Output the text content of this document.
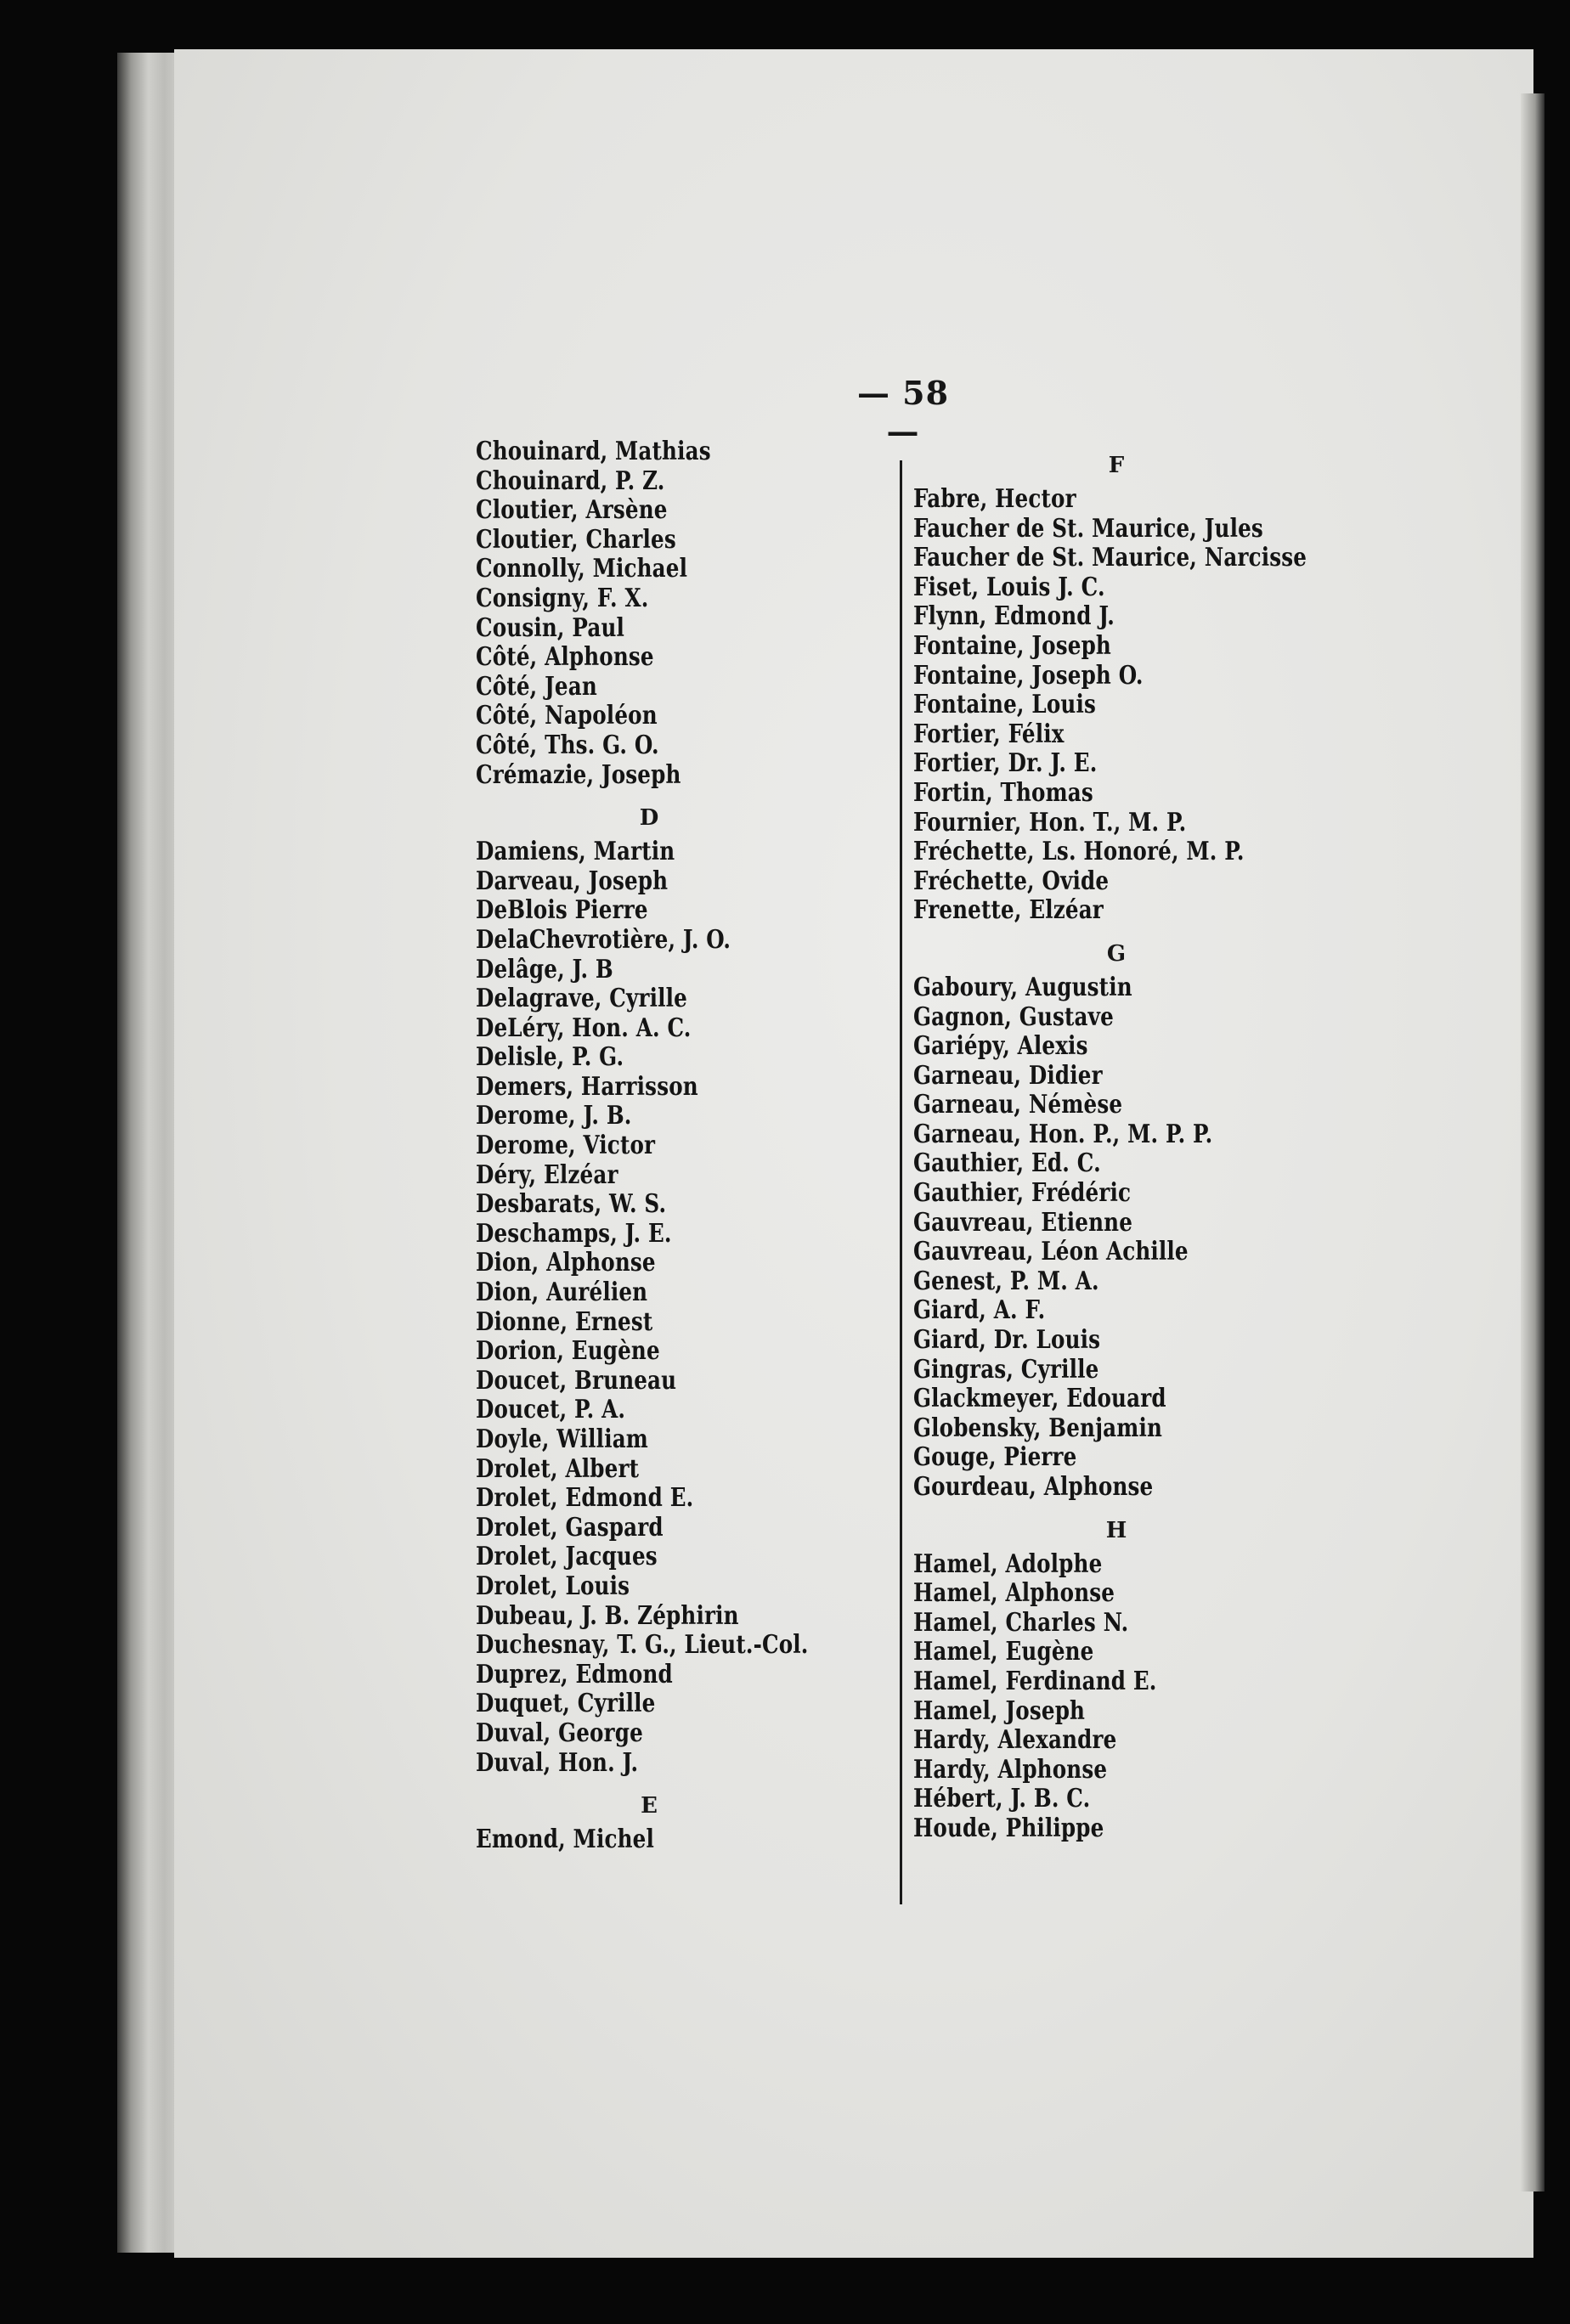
— 58 —
Chouinard, Mathias
Chouinard, P. Z.
Cloutier, Arsène
Cloutier, Charles
Connolly, Michael
Consigny, F. X.
Cousin, Paul
Côté, Alphonse
Côté, Jean
Côté, Napoléon
Côté, Ths. G. O.
Crémazie, Joseph
D
Damiens, Martin
Darveau, Joseph
DeBlois Pierre
DelaChevrotière, J. O.
Delâge, J. B
Delagrave, Cyrille
DeLéry, Hon. A. C.
Delisle, P. G.
Demers, Harrisson
Derome, J. B.
Derome, Victor
Déry, Elzéar
Desbarats, W. S.
Deschamps, J. E.
Dion, Alphonse
Dion, Aurélien
Dionne, Ernest
Dorion, Eugène
Doucet, Bruneau
Doucet, P. A.
Doyle, William
Drolet, Albert
Drolet, Edmond E.
Drolet, Gaspard
Drolet, Jacques
Drolet, Louis
Dubeau, J. B. Zéphirin
Duchesnay, T. G., Lieut.-Col.
Duprez, Edmond
Duquet, Cyrille
Duval, George
Duval, Hon. J.
E
Emond, Michel
F
Fabre, Hector
Faucher de St. Maurice, Jules
Faucher de St. Maurice, Narcisse
Fiset, Louis J. C.
Flynn, Edmond J.
Fontaine, Joseph
Fontaine, Joseph O.
Fontaine, Louis
Fortier, Félix
Fortier, Dr. J. E.
Fortin, Thomas
Fournier, Hon. T., M. P.
Fréchette, Ls. Honoré, M. P.
Fréchette, Ovide
Frenette, Elzéar
G
Gaboury, Augustin
Gagnon, Gustave
Gariépy, Alexis
Garneau, Didier
Garneau, Némèse
Garneau, Hon. P., M. P. P.
Gauthier, Ed. C.
Gauthier, Frédéric
Gauvreau, Etienne
Gauvreau, Léon Achille
Genest, P. M. A.
Giard, A. F.
Giard, Dr. Louis
Gingras, Cyrille
Glackmeyer, Edouard
Globensky, Benjamin
Gouge, Pierre
Gourdeau, Alphonse
H
Hamel, Adolphe
Hamel, Alphonse
Hamel, Charles N.
Hamel, Eugène
Hamel, Ferdinand E.
Hamel, Joseph
Hardy, Alexandre
Hardy, Alphonse
Hébert, J. B. C.
Houde, Philippe
